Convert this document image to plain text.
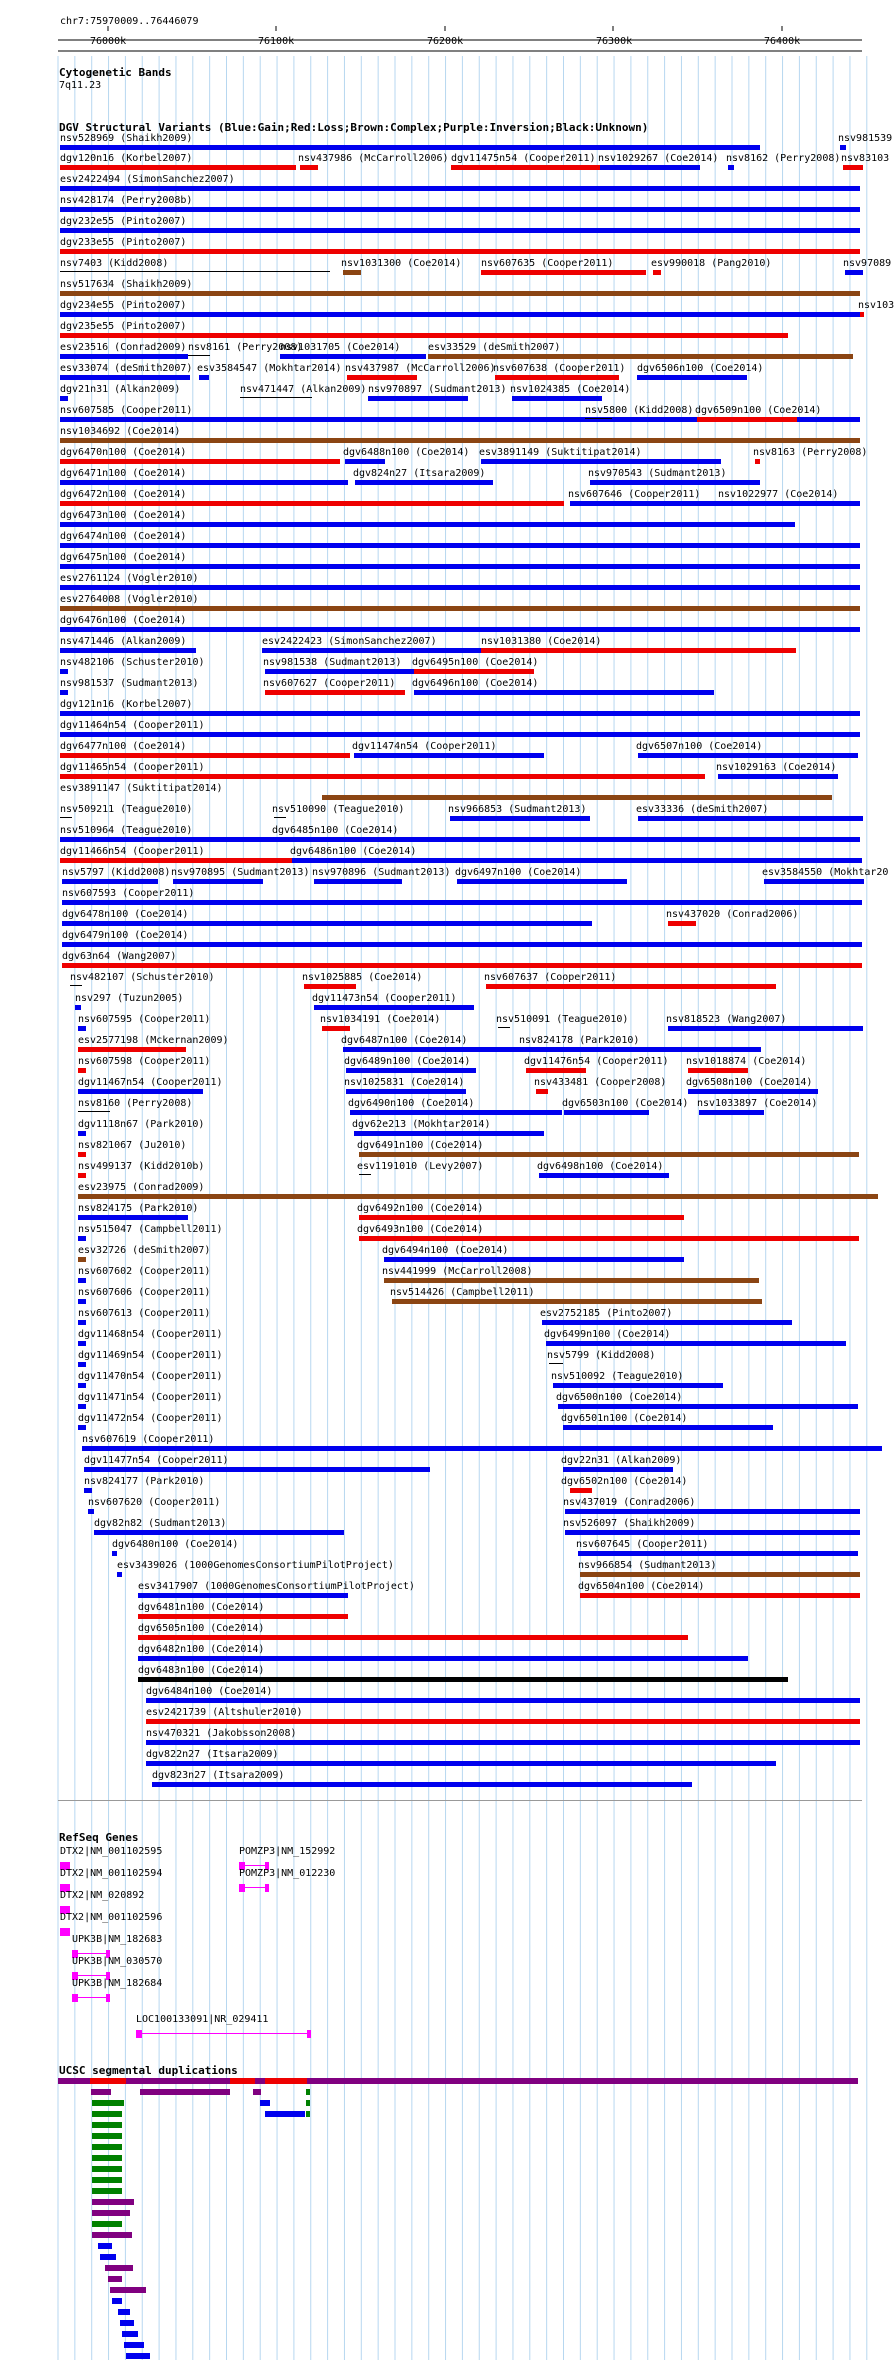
chr7:75970009..76446079
76000k	76100k	76200k	76300k	76400k
Cytogenetic Bands
7q11.23
DGV Structural Variants (Blue:Gain;Red:Loss;Brown:Complex;Purple:Inversion;Black:Unknown)
nsv528969 (Shaikh2009)	nsv981539
dgv120n16 (Korbel2007)	nsv437986 (McCarroll2006) dgv11475n54 (Cooper2011) nsv1029267 (Coe2014) nsv8162 (Perry2008) nsv83103
esv2422494 (SimonSanchez2007)
nsv428174 (Perry2008b)
dgv232e55 (Pinto2007)
dgv233e55 (Pinto2007)
nsv7403 (Kidd2008)	nsv1031300 (Coe2014) nsv607635 (Cooper2011)	esv990018 (Pang2010)	nsv97089
nsv517634 (Shaikh2009)
dgv234e55 (Pinto2007)	nsv103
dgv235e55 (Pinto2007)
esv23516 (Conrad2009) nsv8161 (Perry2008)
nsv1031705 (Coe2014)	esv33529 (deSmith2007)
esv33074 (deSmith2007) esv3584547 (Mokhtar2014) nsv437987 (McCarroll2006)
nsv607638 (Cooper2011) dgv6506n100 (Coe2014)
dgv21n31 (Alkan2009)	nsv471447 (Alkan2009) nsv970897 (Sudmant2013) nsv1024385 (Coe2014)
nsv607585 (Cooper2011)	nsv5800 (Kidd2008) dgv6509n100 (Coe2014)
nsv1034692 (Coe2014)
dgv6470n100 (Coe2014)	dgv6488n100 (Coe2014) esv3891149 (Suktitipat2014)	nsv8163 (Perry2008)
dgv6471n100 (Coe2014)	dgv824n27 (Itsara2009)	nsv970543 (Sudmant2013)
dgv6472n100 (Coe2014)	nsv607646 (Cooper2011) nsv1022977 (Coe2014)
dgv6473n100 (Coe2014)
dgv6474n100 (Coe2014)
dgv6475n100 (Coe2014)
esv2761124 (Vogler2010)
esv2764008 (Vogler2010)
dgv6476n100 (Coe2014)
nsv471446 (Alkan2009)	esv2422423 (SimonSanchez2007)	nsv1031380 (Coe2014)
nsv482106 (Schuster2010)	nsv981538 (Sudmant2013) dgv6495n100 (Coe2014)
nsv981537 (Sudmant2013)	nsv607627 (Cooper2011) dgv6496n100 (Coe2014)
dgv121n16 (Korbel2007)
dgv11464n54 (Cooper2011)
dgv6477n100 (Coe2014)	dgv11474n54 (Cooper2011)	dgv6507n100 (Coe2014)
dgv11465n54 (Cooper2011)	nsv1029163 (Coe2014)
esv3891147 (Suktitipat2014)
nsv509211 (Teague2010)	nsv510090 (Teague2010)	nsv966853 (Sudmant2013)	esv33336 (deSmith2007)
nsv510964 (Teague2010)	dgv6485n100 (Coe2014)
dgv11466n54 (Cooper2011)	dgv6486n100 (Coe2014)
nsv5797 (Kidd2008) nsv970895 (Sudmant2013) nsv970896 (Sudmant2013) dgv6497n100 (Coe2014)	esv3584550 (Mokhtar20
nsv607593 (Cooper2011)
dgv6478n100 (Coe2014)	nsv437020 (Conrad2006)
dgv6479n100 (Coe2014)
dgv63n64 (Wang2007)
nsv482107 (Schuster2010)	nsv1025885 (Coe2014)	nsv607637 (Cooper2011)
nsv297 (Tuzun2005)	dgv11473n54 (Cooper2011)
nsv607595 (Cooper2011)	nsv1034191 (Coe2014)	nsv510091 (Teague2010)	nsv818523 (Wang2007)
esv2577198 (Mckernan2009)	dgv6487n100 (Coe2014)	nsv824178 (Park2010)
nsv607598 (Cooper2011)	dgv6489n100 (Coe2014)	dgv11476n54 (Cooper2011) nsv1018874 (Coe2014)
dgv11467n54 (Cooper2011)	nsv1025831 (Coe2014)	nsv433481 (Cooper2008) dgv6508n100 (Coe2014)
nsv8160 (Perry2008)	dgv6490n100 (Coe2014)	dgv6503n100 (Coe2014) nsv1033897 (Coe2014)
dgv1118n67 (Park2010)	dgv62e213 (Mokhtar2014)
nsv821067 (Ju2010)	dgv6491n100 (Coe2014)
nsv499137 (Kidd2010b)	esv1191010 (Levy2007)	dgv6498n100 (Coe2014)
esv23975 (Conrad2009)
nsv824175 (Park2010)	dgv6492n100 (Coe2014)
nsv515047 (Campbell2011)	dgv6493n100 (Coe2014)
esv32726 (deSmith2007)	dgv6494n100 (Coe2014)
nsv607602 (Cooper2011)	nsv441999 (McCarroll2008)
nsv607606 (Cooper2011)	nsv514426 (Campbell2011)
nsv607613 (Cooper2011)	esv2752185 (Pinto2007)
dgv11468n54 (Cooper2011)	dgv6499n100 (Coe2014)
dgv11469n54 (Cooper2011)	nsv5799 (Kidd2008)
dgv11470n54 (Cooper2011)	nsv510092 (Teague2010)
dgv11471n54 (Cooper2011)	dgv6500n100 (Coe2014)
dgv11472n54 (Cooper2011)	dgv6501n100 (Coe2014)
nsv607619 (Cooper2011)
dgv11477n54 (Cooper2011)	dgv22n31 (Alkan2009)
nsv824177 (Park2010)	dgv6502n100 (Coe2014)
nsv607620 (Cooper2011)	nsv437019 (Conrad2006)
dgv82n82 (Sudmant2013)	nsv526097 (Shaikh2009)
dgv6480n100 (Coe2014)	nsv607645 (Cooper2011)
esv3439026 (1000GenomesConsortiumPilotProject)	nsv966854 (Sudmant2013)
esv3417907 (1000GenomesConsortiumPilotProject)	dgv6504n100 (Coe2014)
dgv6481n100 (Coe2014)
dgv6505n100 (Coe2014)
dgv6482n100 (Coe2014)
dgv6483n100 (Coe2014)
dgv6484n100 (Coe2014)
esv2421739 (Altshuler2010)
nsv470321 (Jakobsson2008)
dgv822n27 (Itsara2009)
dgv823n27 (Itsara2009)
RefSeq Genes
DTX2|NM_001102595	POMZP3|NM_152992
DTX2|NM_001102594	POMZP3|NM_012230
DTX2|NM_020892
DTX2|NM_001102596
UPK3B|NM_182683
UPK3B|NM_030570
UPK3B|NM_182684
LOC100133091|NR_029411
UCSC segmental duplications
